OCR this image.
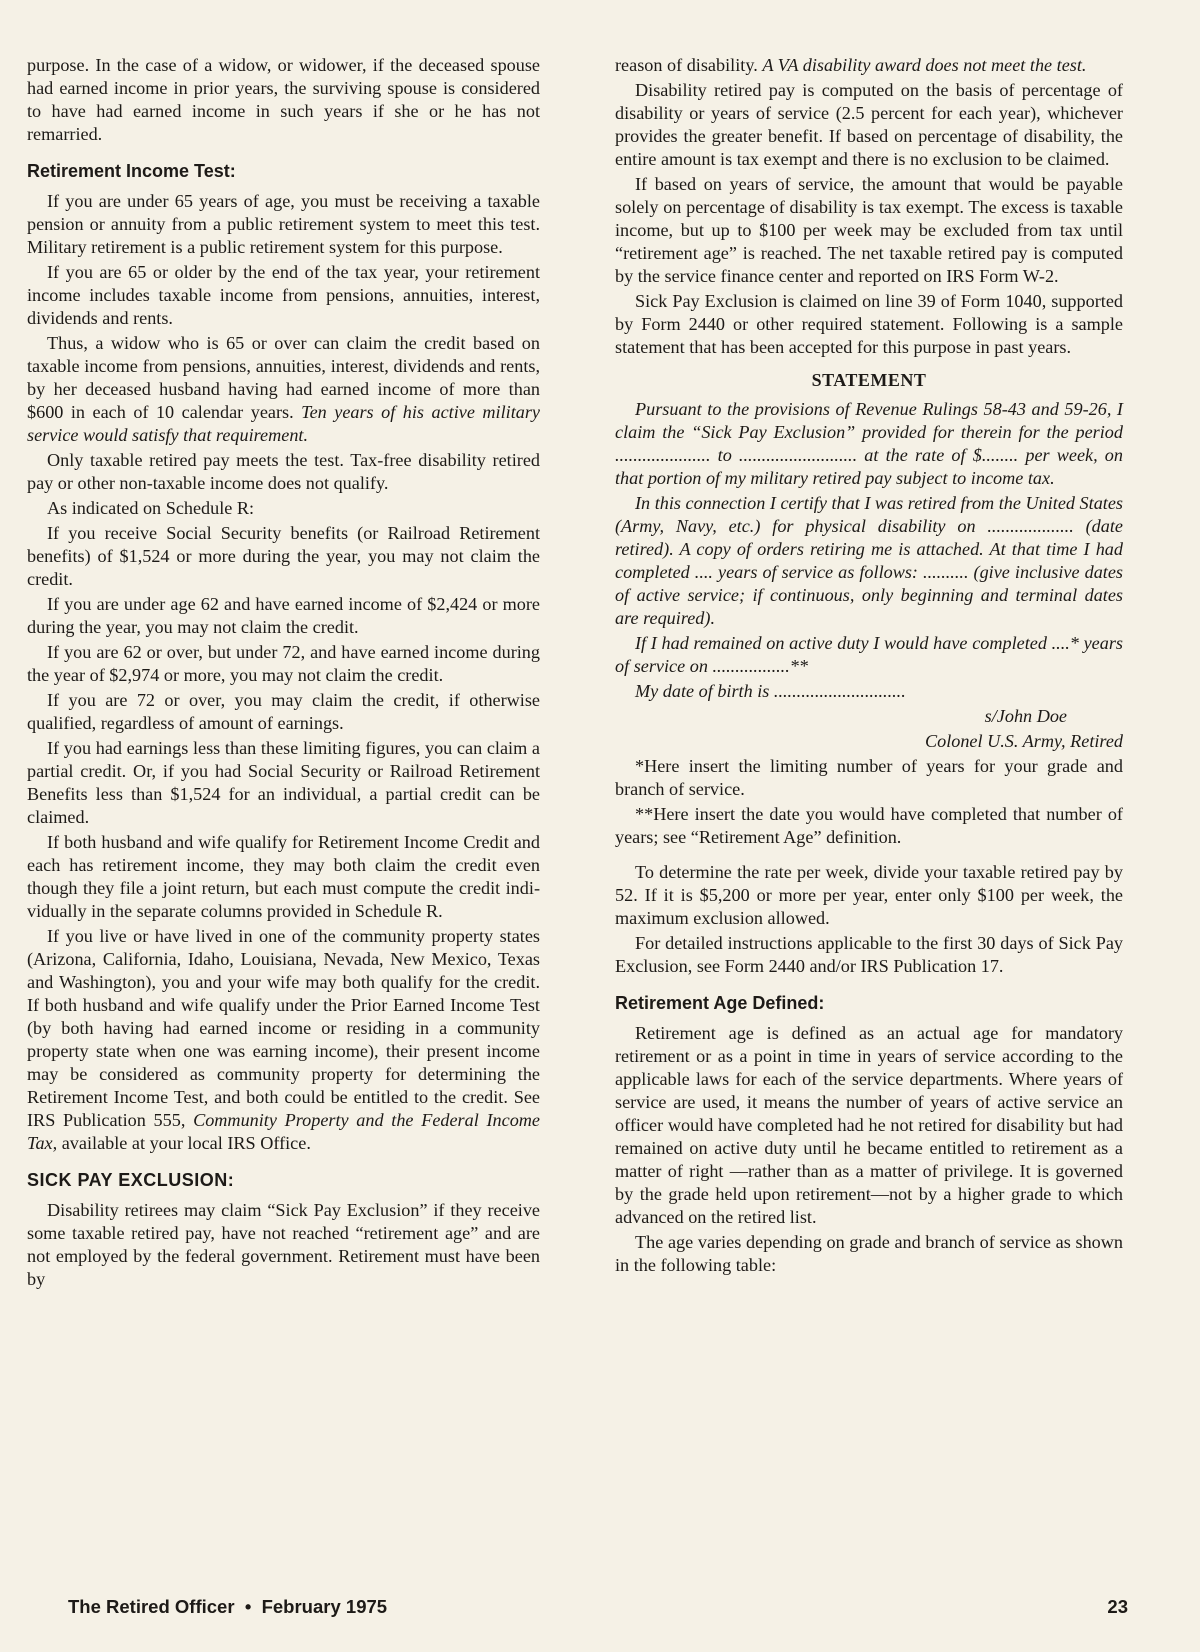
purpose. In the case of a widow, or widower, if the deceased spouse had earned income in prior years, the surviving spouse is considered to have had earned income in such years if she or he has not remarried.

Retirement Income Test:

If you are under 65 years of age, you must be receiving a taxable pension or annuity from a public retirement system to meet this test. Military retirement is a public retirement system for this purpose.

If you are 65 or older by the end of the tax year, your retirement income includes taxable income from pensions, annuities, interest, dividends and rents.

Thus, a widow who is 65 or over can claim the credit based on taxable income from pensions, annuities, interest, dividends and rents, by her deceased husband having had earned income of more than $600 in each of 10 calendar years. Ten years of his active military service would satisfy that requirement.

Only taxable retired pay meets the test. Tax-free disability retired pay or other non-taxable income does not qualify.

As indicated on Schedule R:

If you receive Social Security benefits (or Railroad Retirement benefits) of $1,524 or more during the year, you may not claim the credit.

If you are under age 62 and have earned income of $2,424 or more during the year, you may not claim the credit.

If you are 62 or over, but under 72, and have earned income during the year of $2,974 or more, you may not claim the credit.

If you are 72 or over, you may claim the credit, if otherwise qualified, regardless of amount of earnings.

If you had earnings less than these limiting figures, you can claim a partial credit. Or, if you had Social Security or Railroad Retirement Benefits less than $1,524 for an individual, a partial credit can be claimed.

If both husband and wife qualify for Retirement Income Credit and each has retirement income, they may both claim the credit even though they file a joint return, but each must compute the credit individually in the separate columns provided in Schedule R.

If you live or have lived in one of the community property states (Arizona, California, Idaho, Louisiana, Nevada, New Mexico, Texas and Washington), you and your wife may both qualify for the credit. If both husband and wife qualify under the Prior Earned Income Test (by both having had earned income or residing in a community property state when one was earning income), their present income may be considered as community property for determining the Retirement Income Test, and both could be entitled to the credit. See IRS Publication 555, Community Property and the Federal Income Tax, available at your local IRS Office.

SICK PAY EXCLUSION:

Disability retirees may claim “Sick Pay Exclusion” if they receive some taxable retired pay, have not reached “retirement age” and are not employed by the federal government. Retirement must have been by

reason of disability. A VA disability award does not meet the test.

Disability retired pay is computed on the basis of percentage of disability or years of service (2.5 percent for each year), whichever provides the greater benefit. If based on percentage of disability, the entire amount is tax exempt and there is no exclusion to be claimed.

If based on years of service, the amount that would be payable solely on percentage of disability is tax exempt. The excess is taxable income, but up to $100 per week may be excluded from tax until “retirement age” is reached. The net taxable retired pay is computed by the service finance center and reported on IRS Form W-2.

Sick Pay Exclusion is claimed on line 39 of Form 1040, supported by Form 2440 or other required statement. Following is a sample statement that has been accepted for this purpose in past years.

STATEMENT

Pursuant to the provisions of Revenue Rulings 58-43 and 59-26, I claim the “Sick Pay Exclusion” provided for therein for the period ..................... to .......................... at the rate of $........ per week, on that portion of my military retired pay subject to income tax.

In this connection I certify that I was retired from the United States (Army, Navy, etc.) for physical disability on ................... (date retired). A copy of orders retiring me is attached. At that time I had completed .... years of service as follows: .......... (give inclusive dates of active service; if continuous, only beginning and terminal dates are required).

If I had remained on active duty I would have completed ....* years of service on .................**

My date of birth is .............................

s/John Doe

Colonel U.S. Army, Retired

*Here insert the limiting number of years for your grade and branch of service.

**Here insert the date you would have completed that number of years; see “Retirement Age” definition.

To determine the rate per week, divide your taxable retired pay by 52. If it is $5,200 or more per year, enter only $100 per week, the maximum exclusion allowed.

For detailed instructions applicable to the first 30 days of Sick Pay Exclusion, see Form 2440 and/or IRS Publication 17.

Retirement Age Defined:

Retirement age is defined as an actual age for mandatory retirement or as a point in time in years of service according to the applicable laws for each of the service departments. Where years of service are used, it means the number of years of active service an officer would have completed had he not retired for disability but had remained on active duty until he became entitled to retirement as a matter of right —rather than as a matter of privilege. It is governed by the grade held upon retirement—not by a higher grade to which advanced on the retired list.

The age varies depending on grade and branch of service as shown in the following table:

The Retired Officer • February 1975	23
